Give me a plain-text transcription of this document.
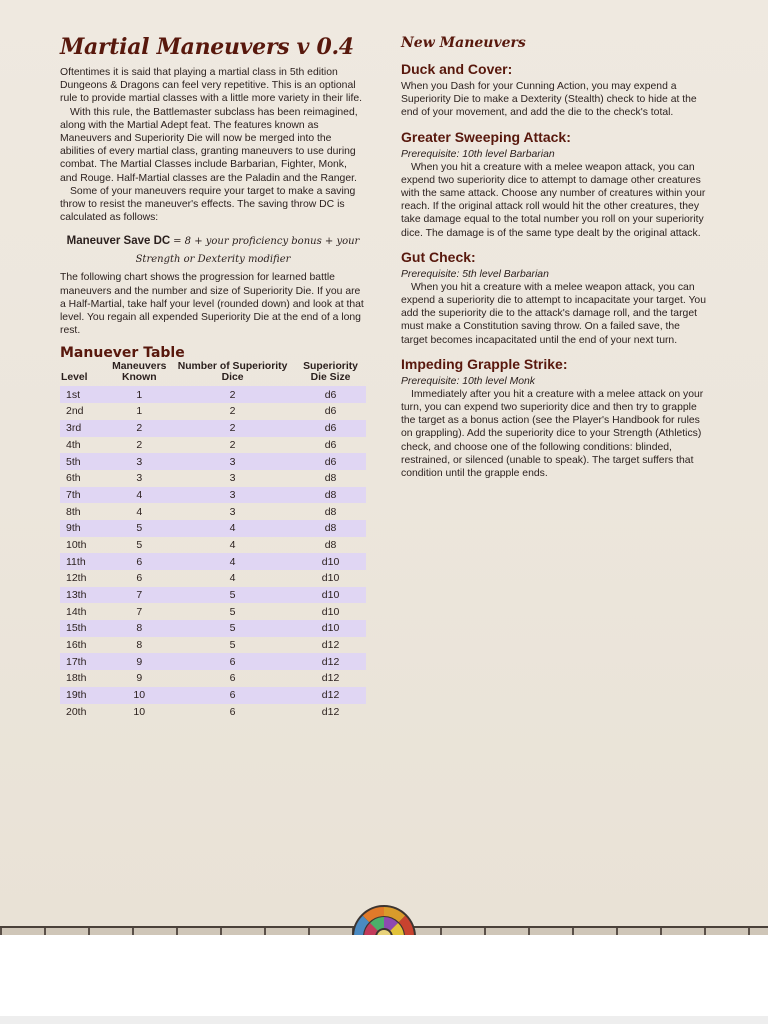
Martial Maneuvers v 0.4

Oftentimes it is said that playing a martial class in 5th edition Dungeons & Dragons can feel very repetitive. This is an optional rule to provide martial classes with a little more variety in their life.

With this rule, the Battlemaster subclass has been reimagined, along with the Martial Adept feat. The features known as Maneuvers and Superiority Die will now be merged into the abilities of every martial class, granting maneuvers to use during combat. The Martial Classes include Barbarian, Fighter, Monk, and Rouge. Half-Martial classes are the Paladin and the Ranger.

Some of your maneuvers require your target to make a saving throw to resist the maneuver's effects. The saving throw DC is calculated as follows:

Maneuver Save DC = 8 + your proficiency bonus + your Strength or Dexterity modifier

The following chart shows the progression for learned battle maneuvers and the number and size of Superiority Die. If you are a Half-Martial, take half your level (rounded down) and look at that level. You regain all expended Superiority Die at the end of a long rest.

Manuever Table
Level	Maneuvers Known	Number of Superiority Dice	Superiority Die Size
1st	1	2	d6
2nd	1	2	d6
3rd	2	2	d6
4th	2	2	d6
5th	3	3	d6
6th	3	3	d8
7th	4	3	d8
8th	4	3	d8
9th	5	4	d8
10th	5	4	d8
11th	6	4	d10
12th	6	4	d10
13th	7	5	d10
14th	7	5	d10
15th	8	5	d10
16th	8	5	d12
17th	9	6	d12
18th	9	6	d12
19th	10	6	d12
20th	10	6	d12
New Maneuvers
Duck and Cover:

When you Dash for your Cunning Action, you may expend a Superiority Die to make a Dexterity (Stealth) check to hide at the end of your movement, and add the die to the check's total.

Greater Sweeping Attack:

Prerequisite: 10th level Barbarian

When you hit a creature with a melee weapon attack, you can expend two superiority dice to attempt to damage other creatures with the same attack. Choose any number of creatures within your reach. If the original attack roll would hit the other creatures, they take damage equal to the total number you roll on your superiority dice. The damage is of the same type dealt by the original attack.

Gut Check:

Prerequisite: 5th level Barbarian

When you hit a creature with a melee weapon attack, you can expend a superiority die to attempt to incapacitate your target. You add the superiority die to the attack's damage roll, and the target must make a Constitution saving throw. On a failed save, the target becomes incapacitated until the end of your next turn.

Impeding Grapple Strike:

Prerequisite: 10th level Monk

Immediately after you hit a creature with a melee attack on your turn, you can expend two superiority dice and then try to grapple the target as a bonus action (see the Player's Handbook for rules on grappling). Add the superiority dice to your Strength (Athletics) check, and choose one of the following conditions: blinded, restrained, or silenced (unable to speak). The target suffers that condition until the grapple ends.
